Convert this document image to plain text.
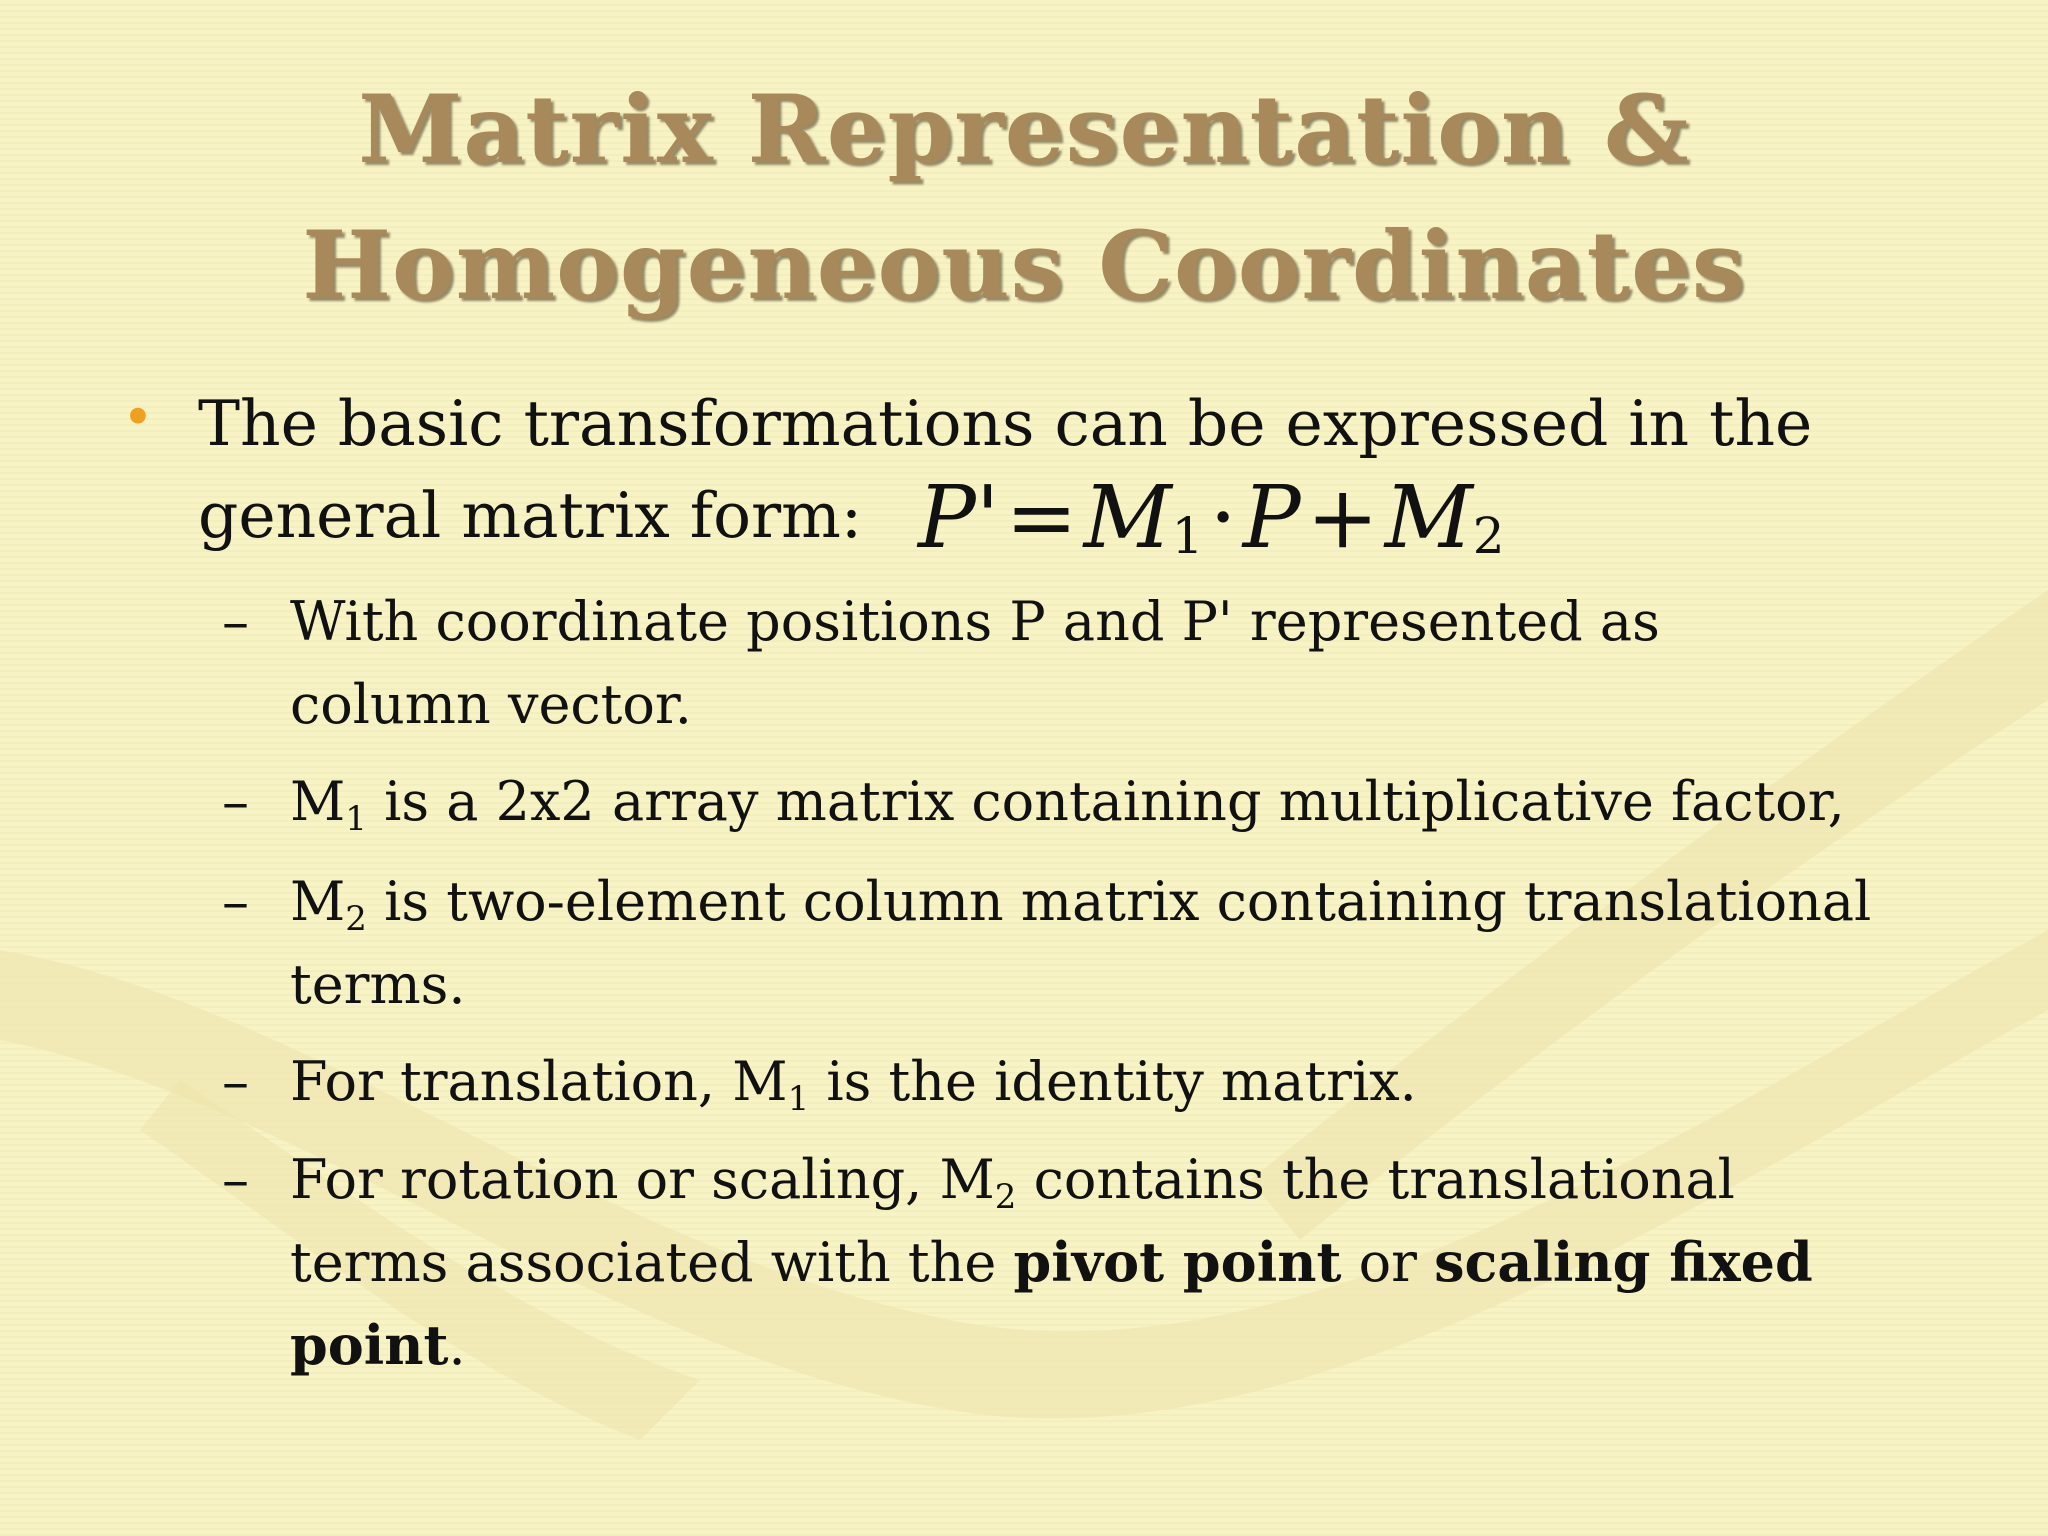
Matrix Representation &
Homogeneous Coordinates
• The basic transformations can be expressed in the
general matrix form: P'=M1·P+M2
– With coordinate positions P and P' represented as column vector.
– $M_1$ is a 2x2 array matrix containing multiplicative factor,
– $M_2$ is two-element column matrix containing translational terms.
– For translation, $M_1$ is the identity matrix.
– For rotation or scaling, $M_2$ contains the translational terms associated with the pivot point or scaling fixed point.
